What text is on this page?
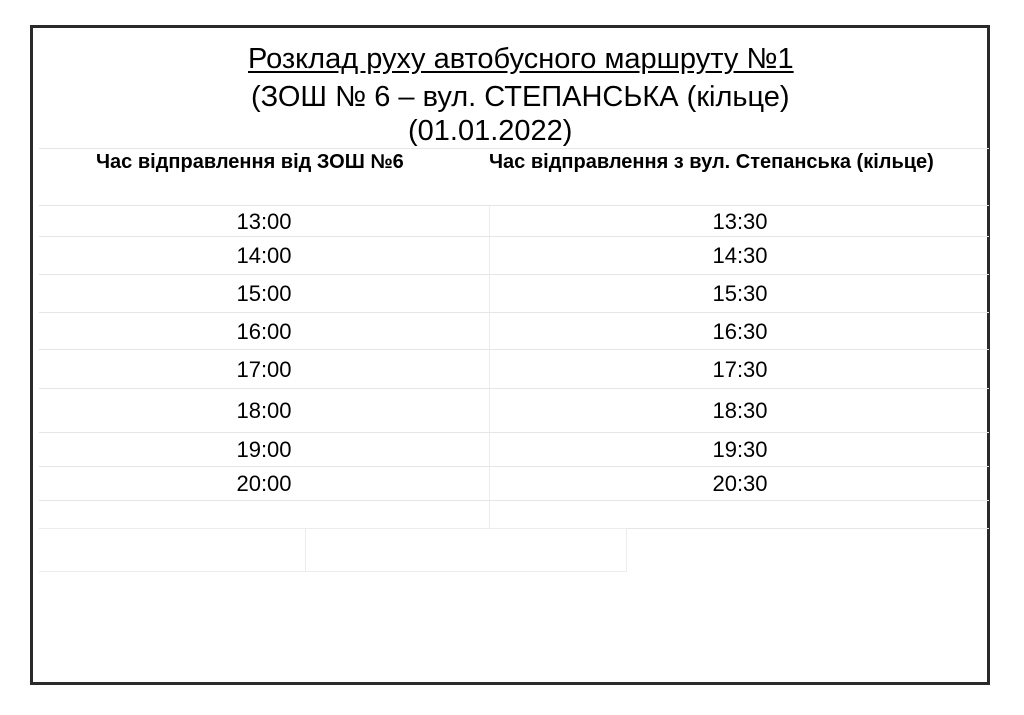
Розклад руху автобусного маршруту №1
(ЗОШ № 6 – вул. СТЕПАНСЬКА (кільце)
(01.01.2022)
Час відправлення від ЗОШ №6	Час відправлення з вул. Степанська (кільце)
13:00	13:30
14:00	14:30
15:00	15:30
16:00	16:30
17:00	17:30
18:00	18:30
19:00	19:30
20:00	20:30
